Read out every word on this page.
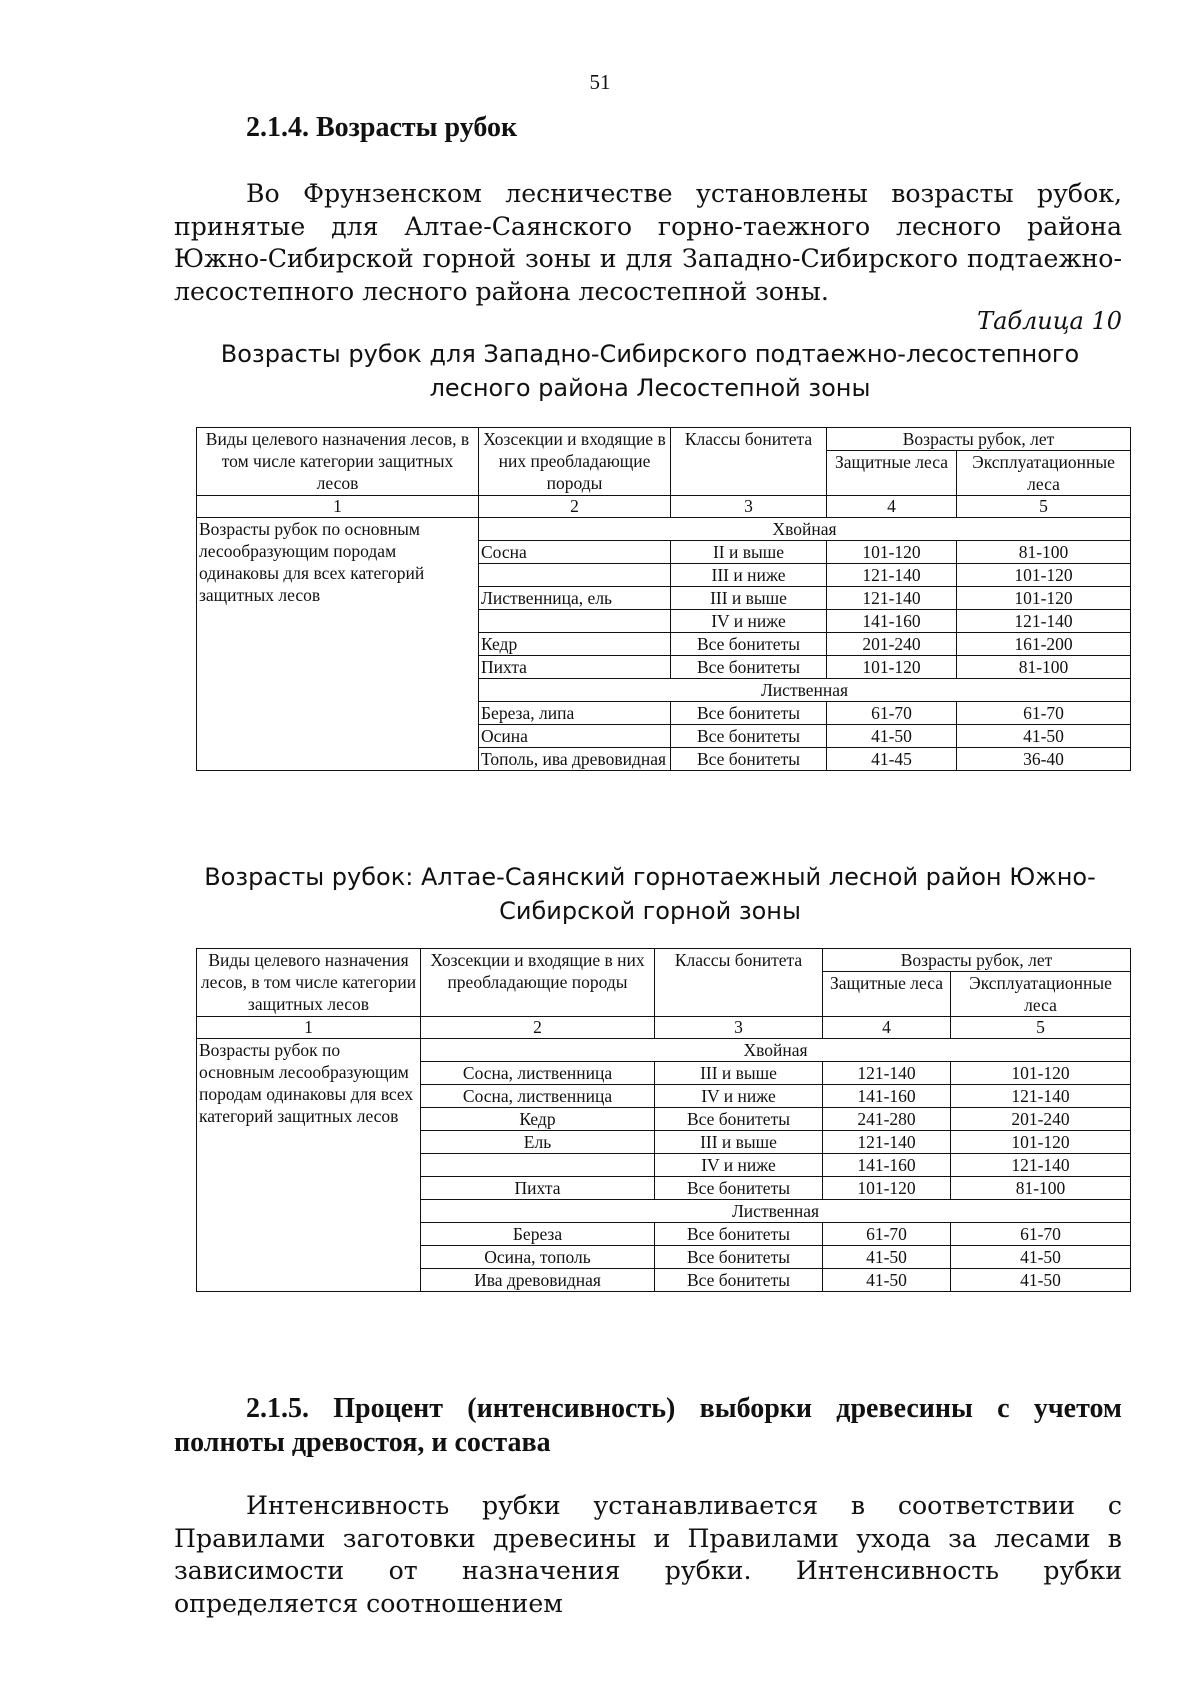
51
2.1.4. Возрасты рубок

Во Фрунзенском лесничестве установлены возрасты рубок, принятые для Алтае-Саянского горно-таежного лесного района Южно-Сибирской горной зоны и для Западно-Сибирского подтаежно-лесостепного лесного района лесостепной зоны.

Таблица 10

Возрасты рубок для Западно-Сибирского подтаежно-лесостепного лесного района Лесостепной зоны

Виды целевого назначения лесов, в том числе категории защитных лесов	Хозсекции и входящие в них преобладающие породы	Классы бонитета	Возрасты рубок, лет	
			Защитные леса	Эксплуатационные леса
1	2	3	4	5
Возрасты рубок по основным лесообразующим породам одинаковы для всех категорий защитных лесов	Хвойная			
	Сосна	II и выше	101-120	81-100
		III и ниже	121-140	101-120
	Лиственница, ель	III и выше	121-140	101-120
		IV и ниже	141-160	121-140
	Кедр	Все бонитеты	201-240	161-200
	Пихта	Все бонитеты	101-120	81-100
	Лиственная			
	Береза, липа	Все бонитеты	61-70	61-70
	Осина	Все бонитеты	41-50	41-50
	Тополь, ива древовидная	Все бонитеты	41-45	36-40

Возрасты рубок: Алтае-Саянский горнотаежный лесной район Южно-Сибирской горной зоны

Виды целевого назначения лесов, в том числе категории защитных лесов	Хозсекции и входящие в них преобладающие породы	Классы бонитета	Возрасты рубок, лет	
			Защитные леса	Эксплуатационные леса
1	2	3	4	5
Возрасты рубок по основным лесообразующим породам одинаковы для всех категорий защитных лесов	Хвойная			
	Сосна, лиственница	III и выше	121-140	101-120
	Сосна, лиственница	IV и ниже	141-160	121-140
	Кедр	Все бонитеты	241-280	201-240
	Ель	III и выше	121-140	101-120
		IV и ниже	141-160	121-140
	Пихта	Все бонитеты	101-120	81-100
	Лиственная			
	Береза	Все бонитеты	61-70	61-70
	Осина, тополь	Все бонитеты	41-50	41-50
	Ива древовидная	Все бонитеты	41-50	41-50
2.1.5. Процент (интенсивность) выборки древесины с учетом полноты древостоя, и состава

Интенсивность рубки устанавливается в соответствии с Правилами заготовки древесины и Правилами ухода за лесами в зависимости от назначения рубки. Интенсивность рубки определяется соотношением
